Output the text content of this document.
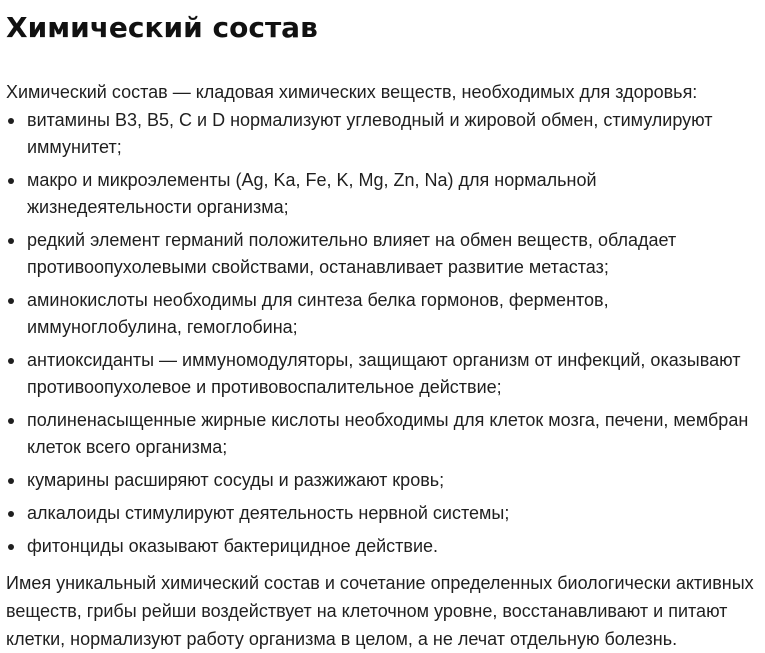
Химический состав

Химический состав — кладовая химических веществ, необходимых для здоровья:

витамины В3, В5, С и D нормализуют углеводный и жировой обмен, стимулируют иммунитет;
макро и микроэлементы (Ag, Ka, Fe, K, Mg, Zn, Na) для нормальной жизнедеятельности организма;
редкий элемент германий положительно влияет на обмен веществ, обладает противоопухолевыми свойствами, останавливает развитие метастаз;
аминокислоты необходимы для синтеза белка гормонов, ферментов, иммуноглобулина, гемоглобина;
антиоксиданты — иммуномодуляторы, защищают организм от инфекций, оказывают противоопухолевое и противовоспалительное действие;
полиненасыщенные жирные кислоты необходимы для клеток мозга, печени, мембран клеток всего организма;
кумарины расширяют сосуды и разжижают кровь;
алкалоиды стимулируют деятельность нервной системы;
фитонциды оказывают бактерицидное действие.

Имея уникальный химический состав и сочетание определенных биологически активных веществ, грибы рейши воздействует на клеточном уровне, восстанавливают и питают клетки, нормализуют работу организма в целом, а не лечат отдельную болезнь.
